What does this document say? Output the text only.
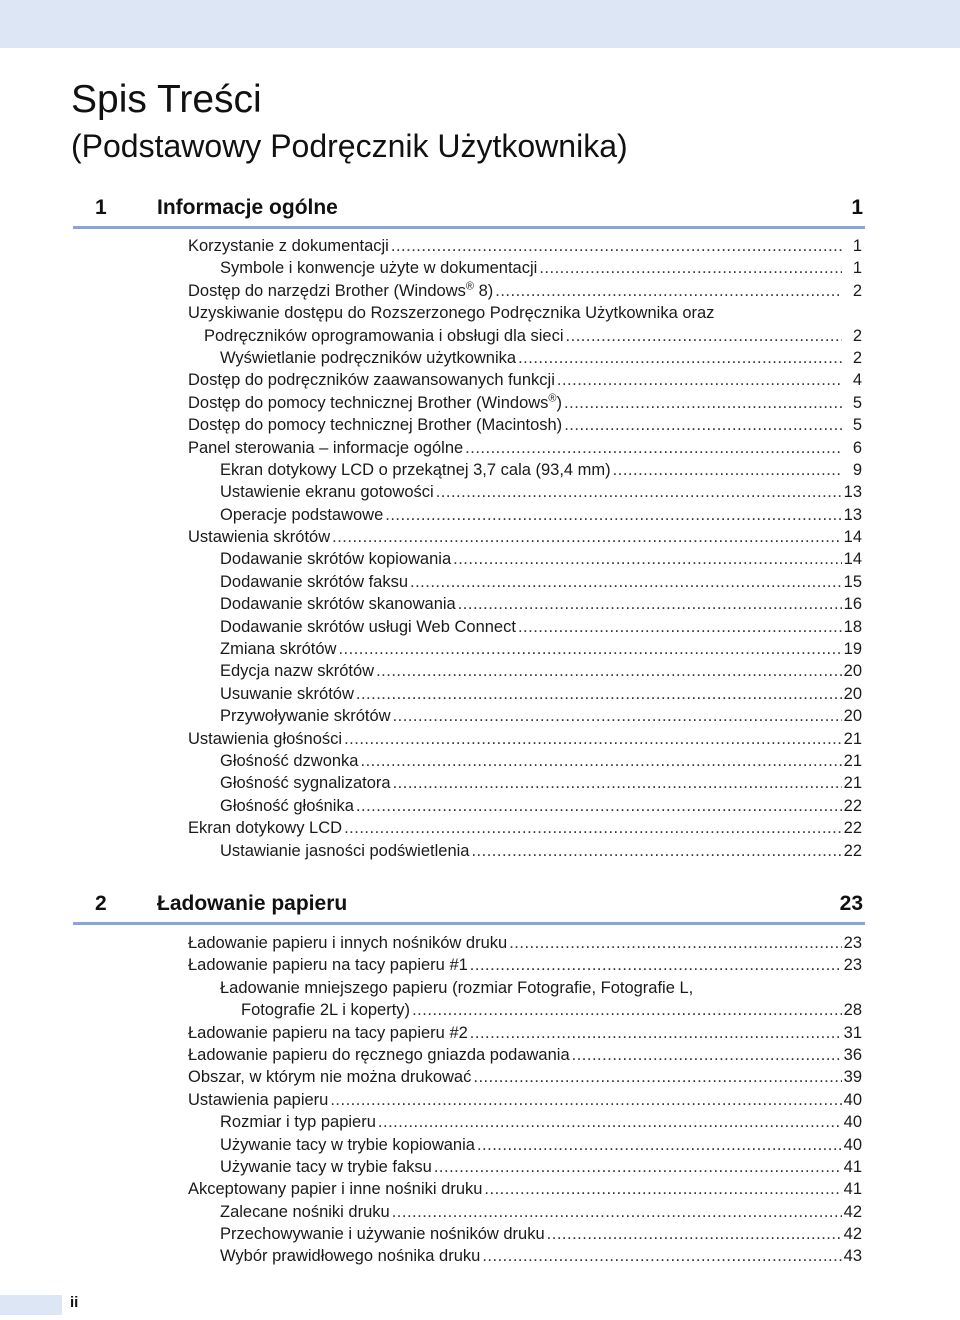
Spis Treści
(Podstawowy Podręcznik Użytkownika)
1 Informacje ogólne	1
Korzystanie z dokumentacji .....	1
Symbole i konwencje użyte w dokumentacji .....	1
Dostęp do narzędzi Brother (Windows® 8) .....	2
Uzyskiwanie dostępu do Rozszerzonego Podręcznika Użytkownika oraz
Podręczników oprogramowania i obsługi dla sieci .....	2
Wyświetlanie podręczników użytkownika .....	2
Dostęp do podręczników zaawansowanych funkcji .....	4
Dostęp do pomocy technicznej Brother (Windows®) .....	5
Dostęp do pomocy technicznej Brother (Macintosh) .....	5
Panel sterowania – informacje ogólne .....	6
Ekran dotykowy LCD o przekątnej 3,7 cala (93,4 mm) .....	9
Ustawienie ekranu gotowości .....	13
Operacje podstawowe .....	13
Ustawienia skrótów .....	14
Dodawanie skrótów kopiowania .....	14
Dodawanie skrótów faksu .....	15
Dodawanie skrótów skanowania .....	16
Dodawanie skrótów usługi Web Connect .....	18
Zmiana skrótów .....	19
Edycja nazw skrótów .....	20
Usuwanie skrótów .....	20
Przywoływanie skrótów .....	20
Ustawienia głośności .....	21
Głośność dzwonka .....	21
Głośność sygnalizatora .....	21
Głośność głośnika .....	22
Ekran dotykowy LCD .....	22
Ustawianie jasności podświetlenia .....	22
2 Ładowanie papieru	23
Ładowanie papieru i innych nośników druku .....	23
Ładowanie papieru na tacy papieru #1 .....	23
Ładowanie mniejszego papieru (rozmiar Fotografie, Fotografie L,
Fotografie 2L i koperty) .....	28
Ładowanie papieru na tacy papieru #2 .....	31
Ładowanie papieru do ręcznego gniazda podawania .....	36
Obszar, w którym nie można drukować .....	39
Ustawienia papieru .....	40
Rozmiar i typ papieru .....	40
Używanie tacy w trybie kopiowania .....	40
Używanie tacy w trybie faksu .....	41
Akceptowany papier i inne nośniki druku .....	41
Zalecane nośniki druku .....	42
Przechowywanie i używanie nośników druku .....	42
Wybór prawidłowego nośnika druku .....	43
ii
